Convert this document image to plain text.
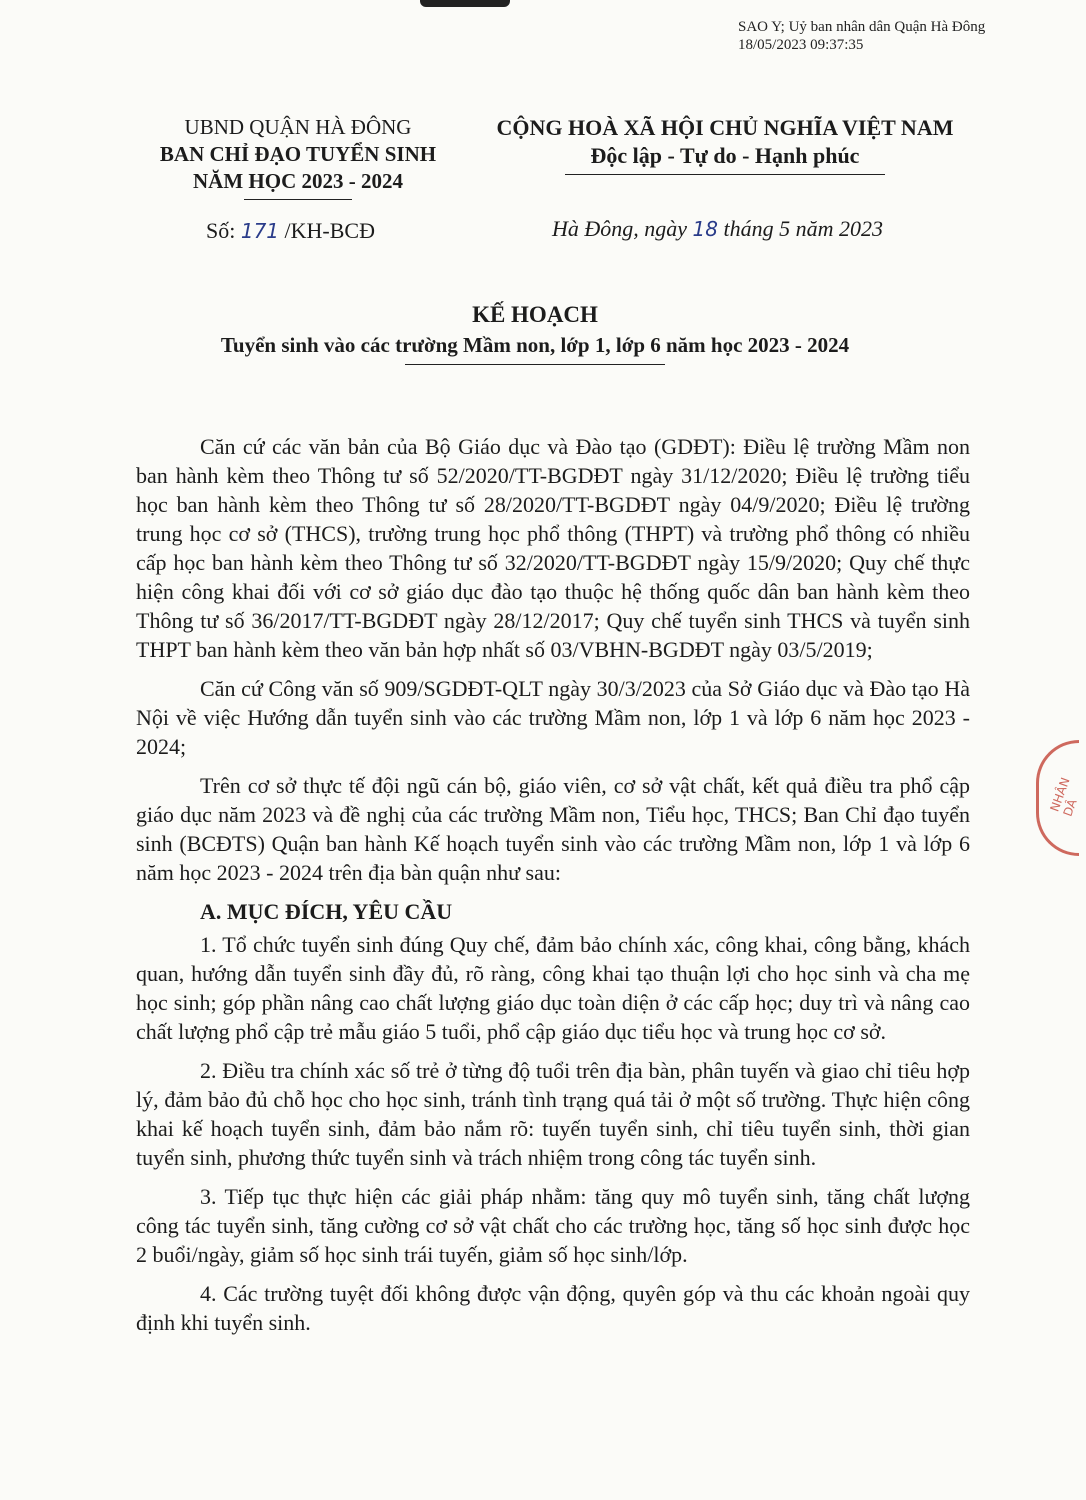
SAO Y; Uỷ ban nhân dân Quận Hà Đông
18/05/2023 09:37:35
UBND QUẬN HÀ ĐÔNG
BAN CHỈ ĐẠO TUYỂN SINH
NĂM HỌC 2023 - 2024
CỘNG HOÀ XÃ HỘI CHỦ NGHĨA VIỆT NAM
Độc lập - Tự do - Hạnh phúc
Số: 171 /KH-BCĐ	Hà Đông, ngày 18 tháng 5 năm 2023
KẾ HOẠCH
Tuyển sinh vào các trường Mầm non, lớp 1, lớp 6 năm học 2023 - 2024

Căn cứ các văn bản của Bộ Giáo dục và Đào tạo (GDĐT): Điều lệ trường Mầm non ban hành kèm theo Thông tư số 52/2020/TT-BGDĐT ngày 31/12/2020; Điều lệ trường tiểu học ban hành kèm theo Thông tư số 28/2020/TT-BGDĐT ngày 04/9/2020; Điều lệ trường trung học cơ sở (THCS), trường trung học phổ thông (THPT) và trường phổ thông có nhiều cấp học ban hành kèm theo Thông tư số 32/2020/TT-BGDĐT ngày 15/9/2020; Quy chế thực hiện công khai đối với cơ sở giáo dục đào tạo thuộc hệ thống quốc dân ban hành kèm theo Thông tư số 36/2017/TT-BGDĐT ngày 28/12/2017; Quy chế tuyển sinh THCS và tuyển sinh THPT ban hành kèm theo văn bản hợp nhất số 03/VBHN-BGDĐT ngày 03/5/2019;

Căn cứ Công văn số 909/SGDĐT-QLT ngày 30/3/2023 của Sở Giáo dục và Đào tạo Hà Nội về việc Hướng dẫn tuyển sinh vào các trường Mầm non, lớp 1 và lớp 6 năm học 2023 - 2024;

Trên cơ sở thực tế đội ngũ cán bộ, giáo viên, cơ sở vật chất, kết quả điều tra phổ cập giáo dục năm 2023 và đề nghị của các trường Mầm non, Tiểu học, THCS; Ban Chỉ đạo tuyển sinh (BCĐTS) Quận ban hành Kế hoạch tuyển sinh vào các trường Mầm non, lớp 1 và lớp 6 năm học 2023 - 2024 trên địa bàn quận như sau:

A. MỤC ĐÍCH, YÊU CẦU

1. Tổ chức tuyển sinh đúng Quy chế, đảm bảo chính xác, công khai, công bằng, khách quan, hướng dẫn tuyển sinh đầy đủ, rõ ràng, công khai tạo thuận lợi cho học sinh và cha mẹ học sinh; góp phần nâng cao chất lượng giáo dục toàn diện ở các cấp học; duy trì và nâng cao chất lượng phổ cập trẻ mẫu giáo 5 tuổi, phổ cập giáo dục tiểu học và trung học cơ sở.

2. Điều tra chính xác số trẻ ở từng độ tuổi trên địa bàn, phân tuyến và giao chỉ tiêu hợp lý, đảm bảo đủ chỗ học cho học sinh, tránh tình trạng quá tải ở một số trường. Thực hiện công khai kế hoạch tuyển sinh, đảm bảo nắm rõ: tuyến tuyển sinh, chỉ tiêu tuyển sinh, thời gian tuyển sinh, phương thức tuyển sinh và trách nhiệm trong công tác tuyển sinh.

3. Tiếp tục thực hiện các giải pháp nhằm: tăng quy mô tuyển sinh, tăng chất lượng công tác tuyển sinh, tăng cường cơ sở vật chất cho các trường học, tăng số học sinh được học 2 buổi/ngày, giảm số học sinh trái tuyến, giảm số học sinh/lớp.

4. Các trường tuyệt đối không được vận động, quyên góp và thu các khoản ngoài quy định khi tuyển sinh.

NHÂN DÂ
